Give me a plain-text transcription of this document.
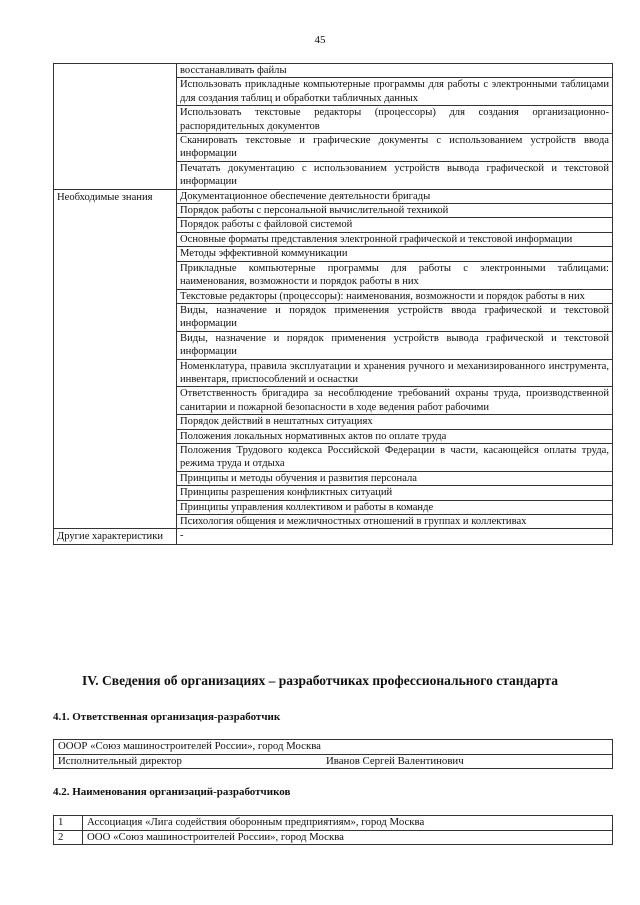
45
	восстанавливать файлы
	Использовать прикладные компьютерные программы для работы с электронными таблицами для создания таблиц и обработки табличных данных
	Использовать текстовые редакторы (процессоры) для создания организационно-распорядительных документов
	Сканировать текстовые и графические документы с использованием устройств ввода информации
	Печатать документацию с использованием устройств вывода графической и текстовой информации
Необходимые знания	Документационное обеспечение деятельности бригады
	Порядок работы с персональной вычислительной техникой
	Порядок работы с файловой системой
	Основные форматы представления электронной графической и текстовой информации
	Методы эффективной коммуникации
	Прикладные компьютерные программы для работы с электронными таблицами: наименования, возможности и порядок работы в них
	Текстовые редакторы (процессоры): наименования, возможности и порядок работы в них
	Виды, назначение и порядок применения устройств ввода графической и текстовой информации
	Виды, назначение и порядок применения устройств вывода графической и текстовой информации
	Номенклатура, правила эксплуатации и хранения ручного и механизированного инструмента, инвентаря, приспособлений и оснастки
	Ответственность бригадира за несоблюдение требований охраны труда, производственной санитарии и пожарной безопасности в ходе ведения работ рабочими
	Порядок действий в нештатных ситуациях
	Положения локальных нормативных актов по оплате труда
	Положения Трудового кодекса Российской Федерации в части, касающейся оплаты труда, режима труда и отдыха
	Принципы и методы обучения и развития персонала
	Принципы разрешения конфликтных ситуаций
	Принципы управления коллективом и работы в команде
	Психология общения и межличностных отношений в группах и коллективах
Другие характеристики	-
IV. Сведения об организациях – разработчиках профессионального стандарта
4.1. Ответственная организация-разработчик
ОООР «Союз машиностроителей России», город Москва

Исполнительный директор	Иванов Сергей Валентинович
4.2. Наименования организаций-разработчиков
1	Ассоциация «Лига содействия оборонным предприятиям», город Москва
2	ООО «Союз машиностроителей России», город Москва
